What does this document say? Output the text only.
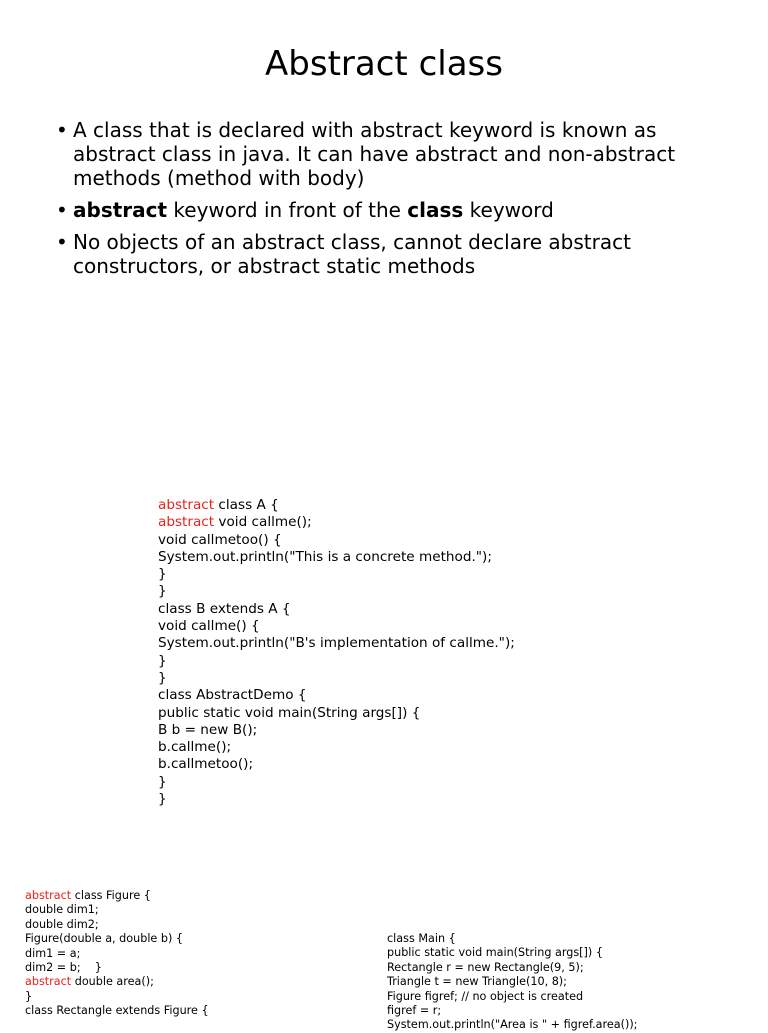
Abstract class
• A class that is declared with abstract keyword is known as abstract class in java. It can have abstract and non-abstract methods (method with body)
• abstract keyword in front of the class keyword
• No objects of an abstract class, cannot declare abstract constructors, or abstract static methods
abstract class A {
abstract void callme();
void callmetoo() {
System.out.println("This is a concrete method.");
}
}
class B extends A {
void callme() {
System.out.println("B's implementation of callme.");
}
}
class AbstractDemo {
public static void main(String args[]) {
B b = new B();
b.callme();
b.callmetoo();
}
}
abstract class Figure {
double dim1;
double dim2;
Figure(double a, double b) {
dim1 = a;
dim2 = b;    }
abstract double area();
}
class Rectangle extends Figure {
class Main {
public static void main(String args[]) {
Rectangle r = new Rectangle(9, 5);
Triangle t = new Triangle(10, 8);
Figure figref; // no object is created
figref = r;
System.out.println("Area is " + figref.area());
